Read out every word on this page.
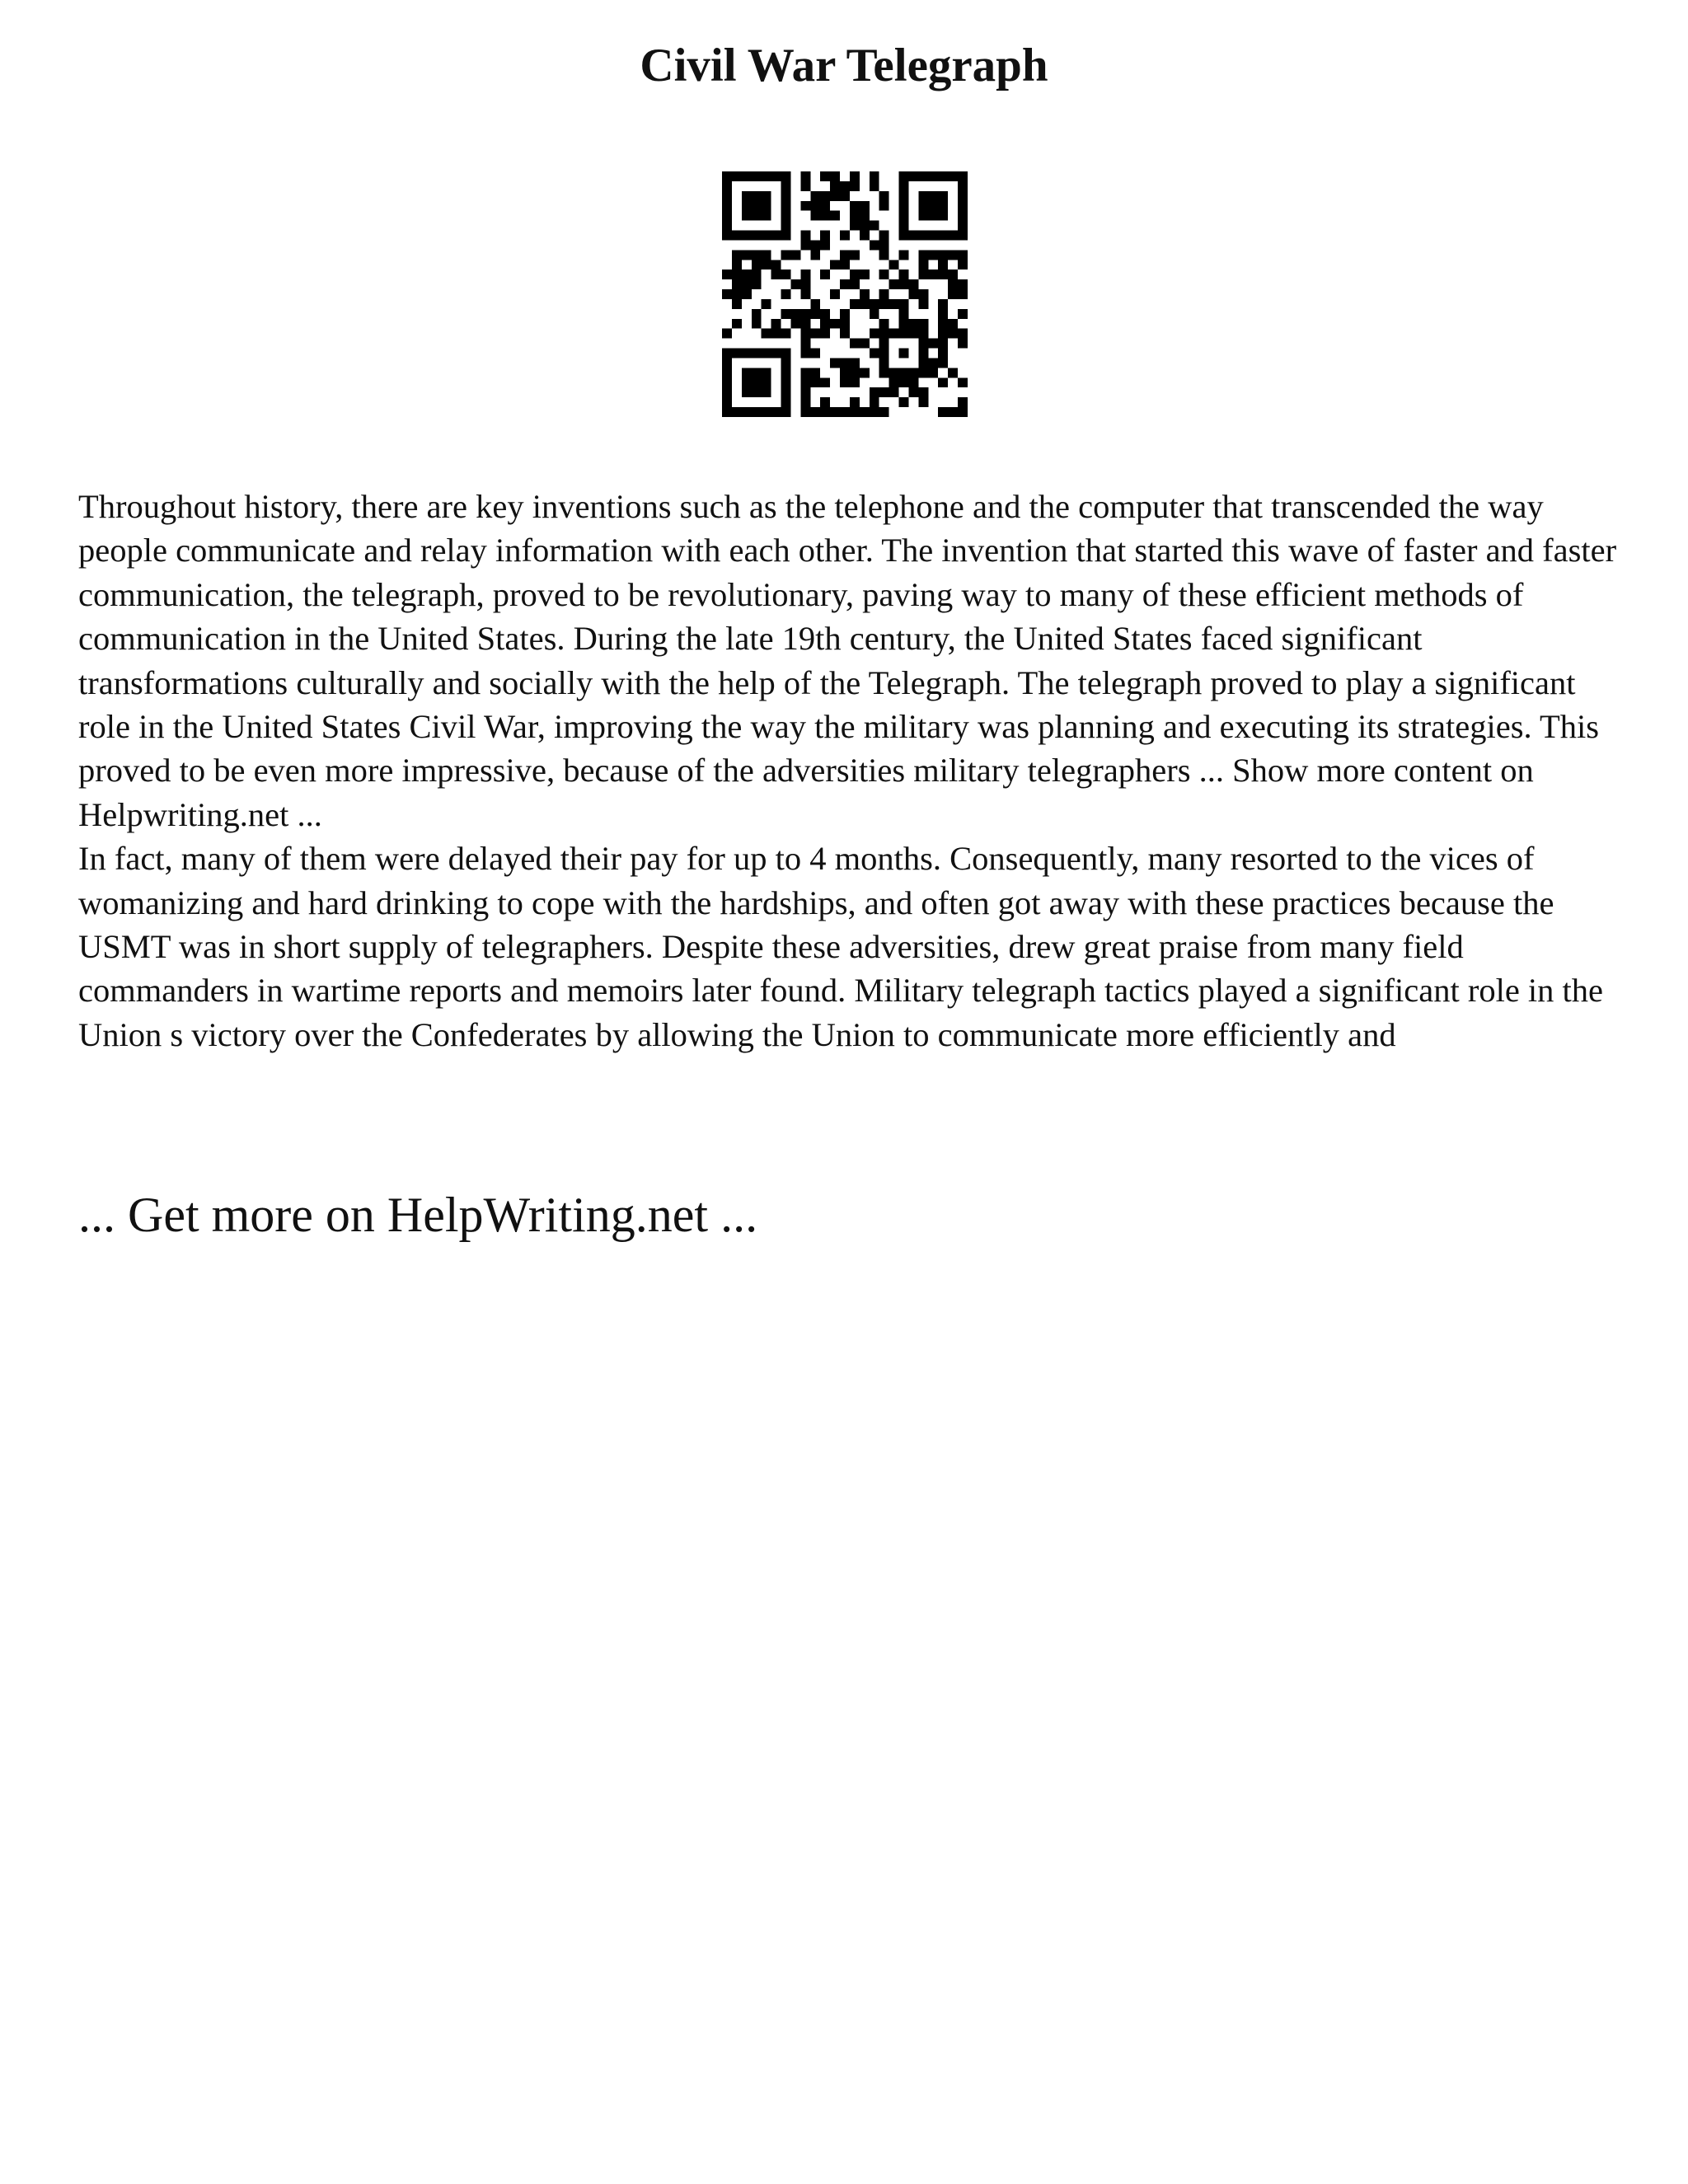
Civil War Telegraph

Throughout history, there are key inventions such as the telephone and the computer that transcended the way people communicate and relay information with each other. The invention that started this wave of faster and faster communication, the telegraph, proved to be revolutionary, paving way to many of these efficient methods of communication in the United States. During the late 19th century, the United States faced significant transformations culturally and socially with the help of the Telegraph. The telegraph proved to play a significant role in the United States Civil War, improving the way the military was planning and executing its strategies. This proved to be even more impressive, because of the adversities military telegraphers ... Show more content on Helpwriting.net ...

In fact, many of them were delayed their pay for up to 4 months. Consequently, many resorted to the vices of womanizing and hard drinking to cope with the hardships, and often got away with these practices because the USMT was in short supply of telegraphers. Despite these adversities, drew great praise from many field commanders in wartime reports and memoirs later found. Military telegraph tactics played a significant role in the Union s victory over the Confederates by allowing the Union to communicate more efficiently and

... Get more on HelpWriting.net ...
